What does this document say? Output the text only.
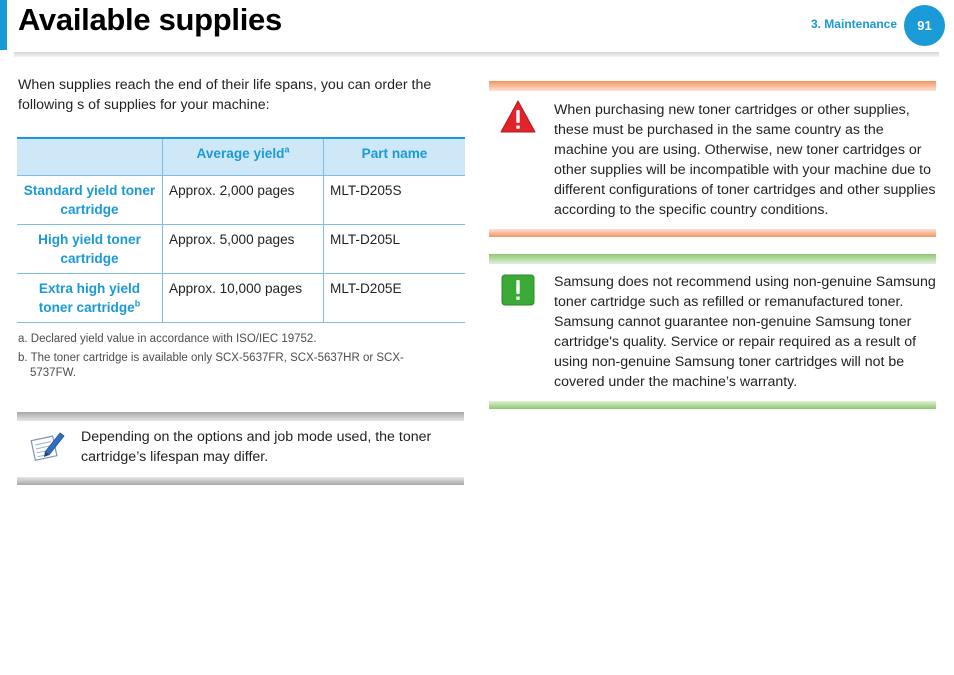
Available supplies	3. Maintenance	91

When supplies reach the end of their life spans, you can order the following s of supplies for your machine:

	Average yield$^a$	Part name
Standard yield toner cartridge	Approx. 2,000 pages	MLT-D205S
High yield toner cartridge	Approx. 5,000 pages	MLT-D205L
Extra high yield toner cartridge$^b$	Approx. 10,000 pages	MLT-D205E
a. Declared yield value in accordance with ISO/IEC 19752.
b. The toner cartridge is available only SCX-5637FR, SCX-5637HR or SCX-5737FW.
Depending on the options and job mode used, the toner cartridge’s lifespan may differ.
When purchasing new toner cartridges or other supplies, these must be purchased in the same country as the machine you are using. Otherwise, new toner cartridges or other supplies will be incompatible with your machine due to different configurations of toner cartridges and other supplies according to the specific country conditions.
Samsung does not recommend using non-genuine Samsung toner cartridge such as refilled or remanufactured toner. Samsung cannot guarantee non-genuine Samsung toner cartridge's quality. Service or repair required as a result of using non-genuine Samsung toner cartridges will not be covered under the machine’s warranty.
